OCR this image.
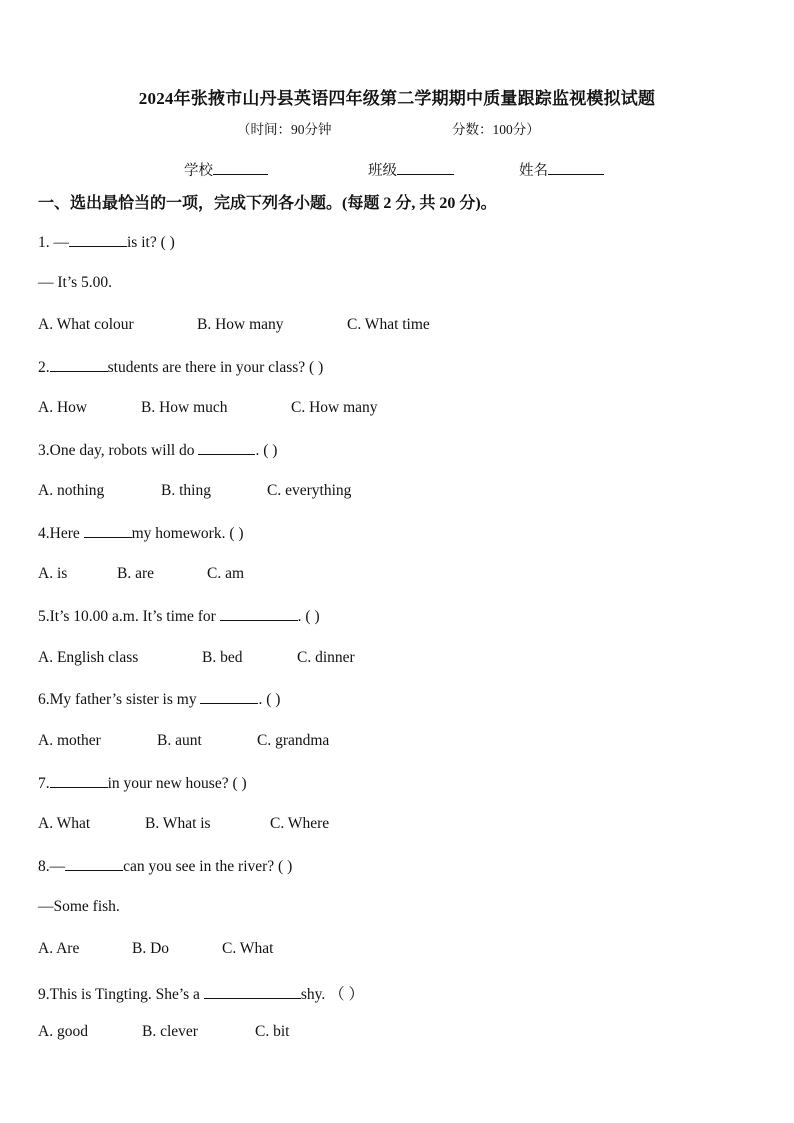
2024年张掖市山丹县英语四年级第二学期期中质量跟踪监视模拟试题
（时间：90分钟	分数：100分）
学校	班级	姓名
一、选出最恰当的一项，完成下列各小题。(每题 2 分, 共 20 分)。
1. —	is it? ( )
— It’s 5.00.
A. What colour	B. How many	C. What time
2.	students are there in your class? ( )
A. How	B. How much	C. How many
3.One day, robots will do	. ( )
A. nothing	B. thing	C. everything
4.Here	my homework. ( )
A. is	B. are	C. am
5.It’s 10.00 a.m. It’s time for	. ( )
A. English class	B. bed	C. dinner
6.My father’s sister is my	. ( )
A. mother	B. aunt	C. grandma
7.	in your new house? ( )
A. What	B. What is	C. Where
8.—	can you see in the river? ( )
—Some fish.
A. Are	B. Do	C. What
9.This is Tingting. She’s a	shy. （ ）
A. good	B. clever	C. bit
